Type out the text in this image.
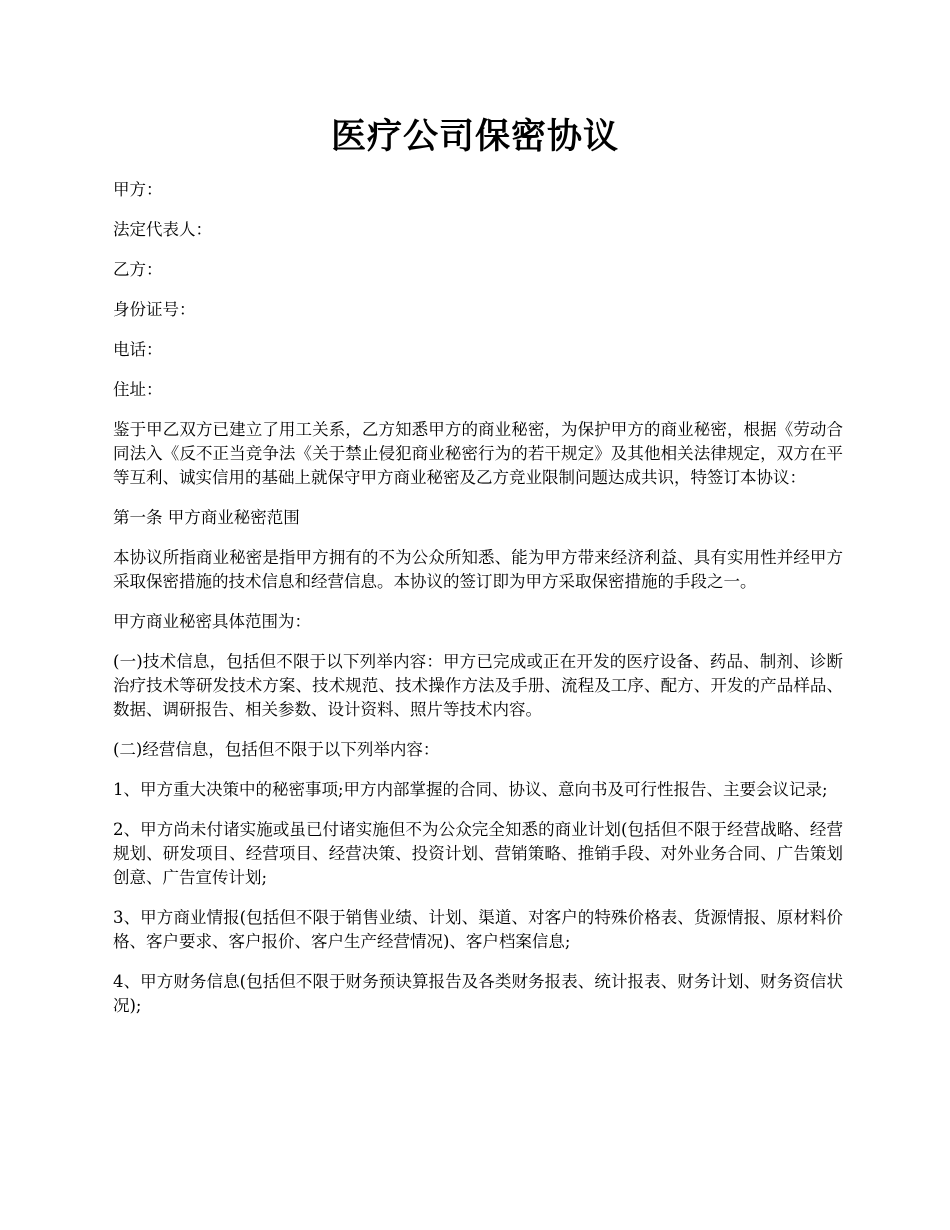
医疗公司保密协议

甲方：

法定代表人：

乙方：

身份证号：

电话：

住址：

鉴于甲乙双方已建立了用工关系，乙方知悉甲方的商业秘密，为保护甲方的商业秘密，根据《劳动合同法入《反不正当竞争法《关于禁止侵犯商业秘密行为的若干规定》及其他相关法律规定，双方在平等互利、诚实信用的基础上就保守甲方商业秘密及乙方竞业限制问题达成共识，特签订本协议：

第一条 甲方商业秘密范围

本协议所指商业秘密是指甲方拥有的不为公众所知悉、能为甲方带来经济利益、具有实用性并经甲方采取保密措施的技术信息和经营信息。本协议的签订即为甲方采取保密措施的手段之一。

甲方商业秘密具体范围为：

(一)技术信息，包括但不限于以下列举内容：甲方已完成或正在开发的医疗设备、药品、制剂、诊断治疗技术等研发技术方案、技术规范、技术操作方法及手册、流程及工序、配方、开发的产品样品、数据、调研报告、相关参数、设计资料、照片等技术内容。

(二)经营信息，包括但不限于以下列举内容：

1、甲方重大决策中的秘密事项;甲方内部掌握的合同、协议、意向书及可行性报告、主要会议记录;

2、甲方尚未付诸实施或虽已付诸实施但不为公众完全知悉的商业计划(包括但不限于经营战略、经营规划、研发项目、经营项目、经营决策、投资计划、营销策略、推销手段、对外业务合同、广告策划创意、广告宣传计划;

3、甲方商业情报(包括但不限于销售业绩、计划、渠道、对客户的特殊价格表、货源情报、原材料价格、客户要求、客户报价、客户生产经营情况)、客户档案信息;

4、甲方财务信息(包括但不限于财务预诀算报告及各类财务报表、统计报表、财务计划、财务资信状况);
